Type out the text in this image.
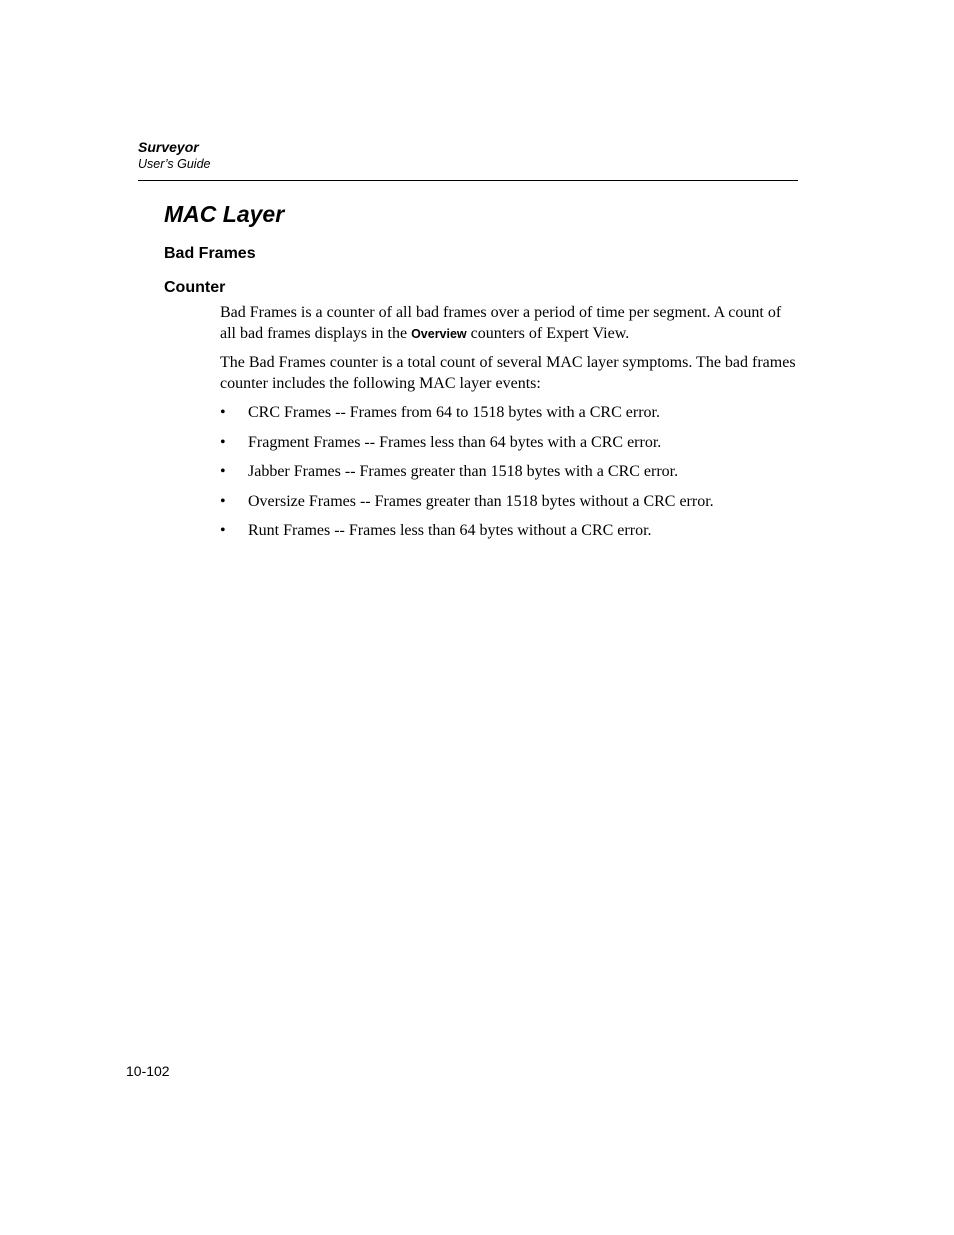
Surveyor
User’s Guide
MAC Layer
Bad Frames
Counter

Bad Frames is a counter of all bad frames over a period of time per segment. A count of all bad frames displays in the Overview counters of Expert View.

The Bad Frames counter is a total count of several MAC layer symptoms. The bad frames counter includes the following MAC layer events:

• CRC Frames -- Frames from 64 to 1518 bytes with a CRC error.
• Fragment Frames -- Frames less than 64 bytes with a CRC error.
• Jabber Frames -- Frames greater than 1518 bytes with a CRC error.
• Oversize Frames -- Frames greater than 1518 bytes without a CRC error.
• Runt Frames -- Frames less than 64 bytes without a CRC error.
10-102
